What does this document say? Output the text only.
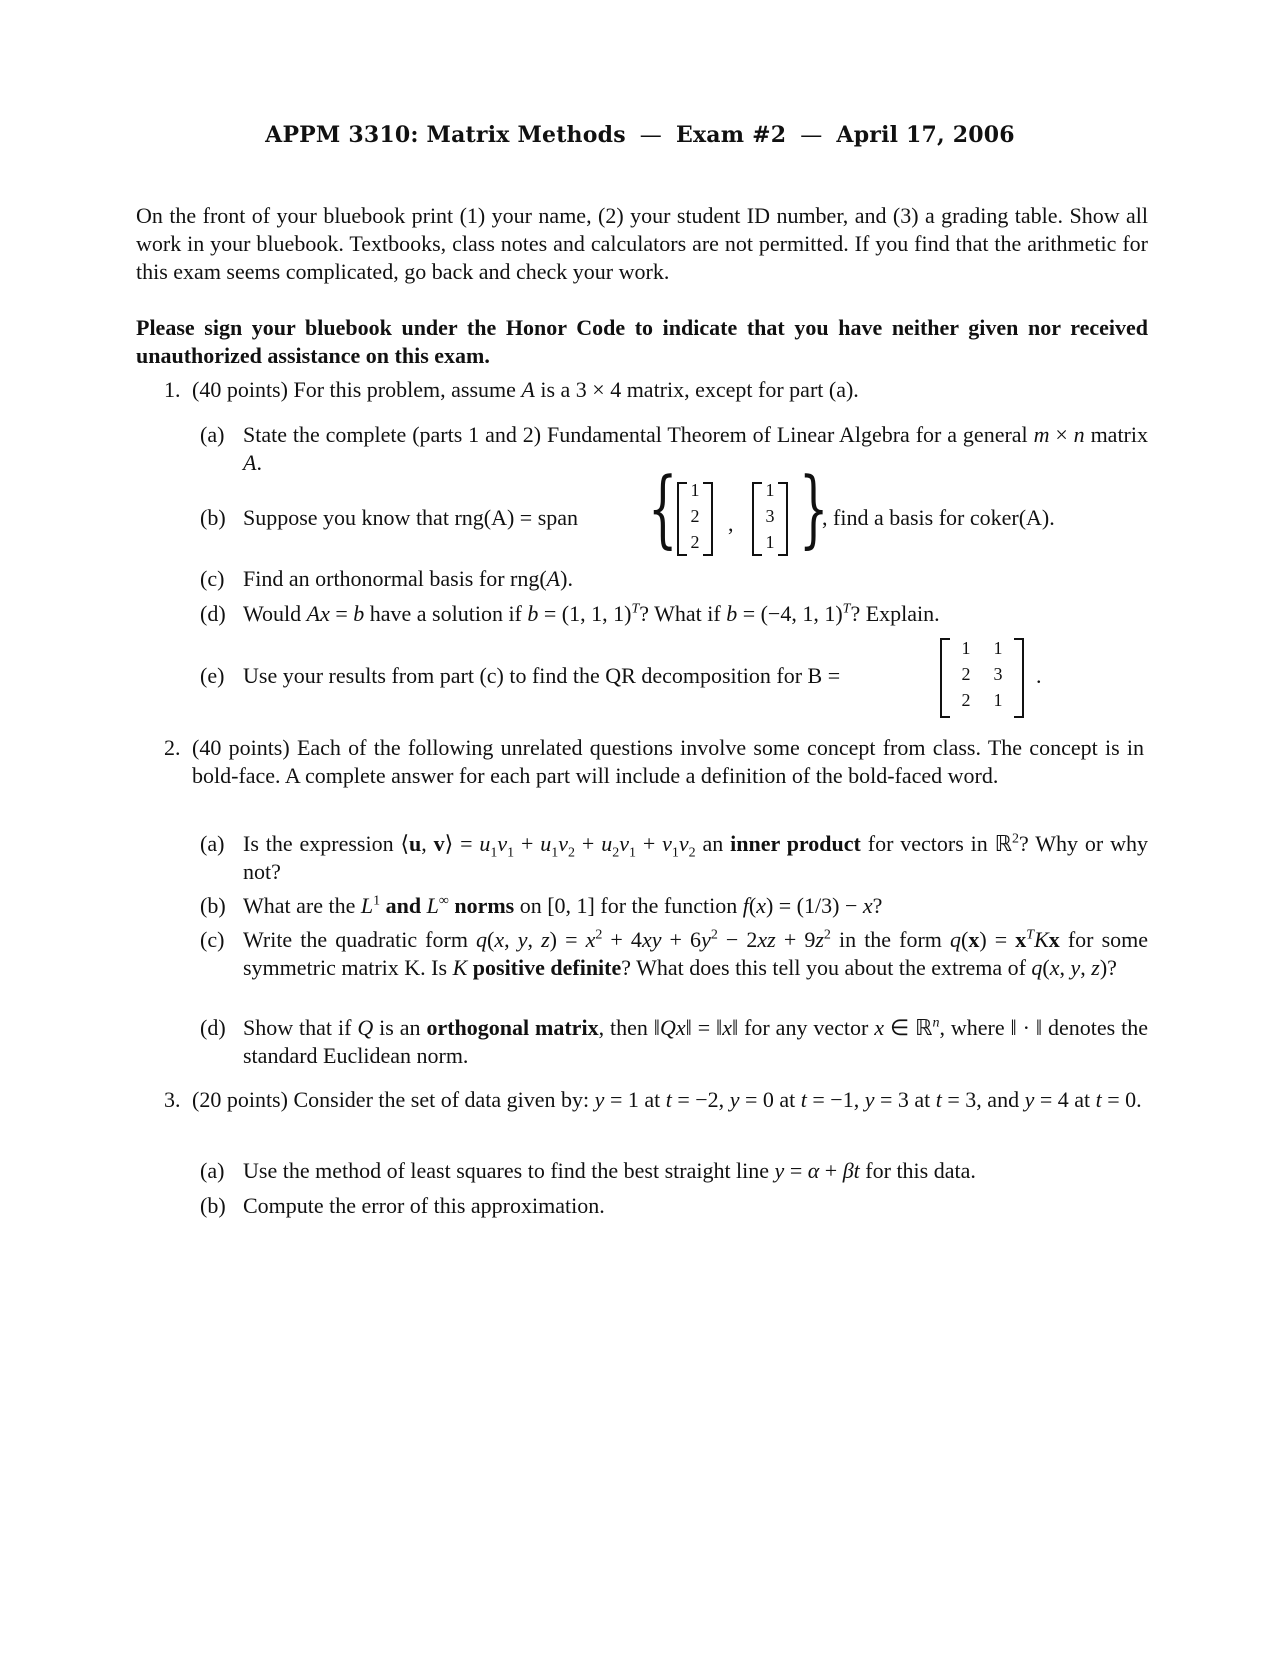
APPM 3310: Matrix Methods — Exam #2 — April 17, 2006
On the front of your bluebook print (1) your name, (2) your student ID number, and (3) a grading table. Show all work in your bluebook. Textbooks, class notes and calculators are not permitted. If you find that the arithmetic for this exam seems complicated, go back and check your work.
Please sign your bluebook under the Honor Code to indicate that you have neither given nor received unauthorized assistance on this exam.
1. (40 points) For this problem, assume A is a 3 × 4 matrix, except for part (a).
(a) State the complete (parts 1 and 2) Fundamental Theorem of Linear Algebra for a general m × n matrix A.
(b) Suppose you know that rng(A) = span { 1
2
2
,
1
3
1 }
, find a basis for coker(A).
(c) Find an orthonormal basis for rng(A).
(d) Would Ax = b have a solution if b = (1, 1, 1)$^T$? What if b = (−4, 1, 1)$^T$? Explain.
(e) Use your results from part (c) to find the QR decomposition for B =
1	1
2	3
2	1
.
2. (40 points) Each of the following unrelated questions involve some concept from class. The concept is in bold-face. A complete answer for each part will include a definition of the bold-faced word.
(a) Is the expression ⟨u, v⟩ = $u_1v_1 + u_1v_2 + u_2v_1 + v_1v_2$ an inner product for vectors in ℝ$^2$? Why or why not?
(b) What are the $L^1$ and L∞ norms on [0, 1] for the function f(x) = (1/3) − x?
(c) Write the quadratic form q(x, y, $z) = x^2 + 4xy + 6y^2 - 2xz + 9z^2$ in the form $q(x) = x^TKx$ for some symmetric matrix K. Is K positive definite? What does this tell you about the extrema of q(x, y, z)?
(d) Show that if Q is an orthogonal matrix, then ‖Qx‖ = ‖x‖ for any vector x ∈ ℝ$^n$, where ‖ · ‖ denotes the standard Euclidean norm.
3. (20 points) Consider the set of data given by: y = 1 at t = −2, y = 0 at t = −1, y = 3 at t = 3, and y = 4 at t = 0.
(a) Use the method of least squares to find the best straight line y = α + βt for this data.
(b) Compute the error of this approximation.
